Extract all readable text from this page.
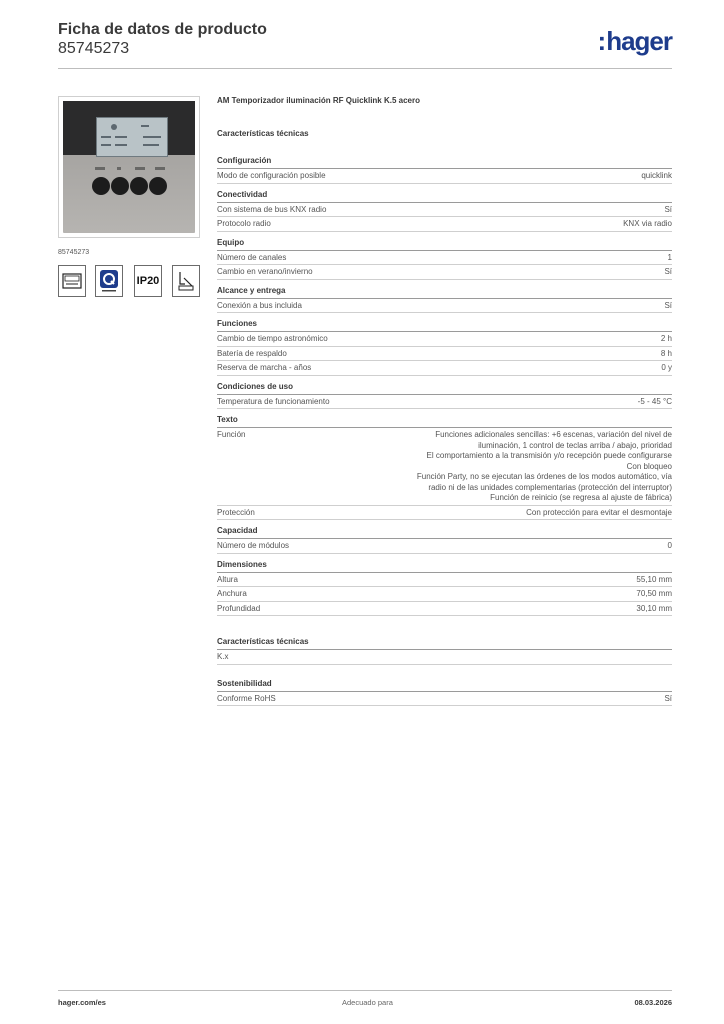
Ficha de datos de producto
85745273	:hager
85745273
IP20
AM Temporizador iluminación RF Quicklink K.5 acero
Características técnicas
Configuración
Modo de configuración posible	quicklink
Conectividad
Con sistema de bus KNX radio	Sí
Protocolo radio	KNX via radio
Equipo
Número de canales	1
Cambio en verano/invierno	Sí
Alcance y entrega
Conexión a bus incluida	Sí
Funciones
Cambio de tiempo astronómico	2 h
Batería de respaldo	8 h
Reserva de marcha - años	0 y
Condiciones de uso
Temperatura de funcionamiento	-5 - 45 °C
Texto
Función	Funciones adicionales sencillas: +6 escenas, variación del nivel de
iluminación, 1 control de teclas arriba / abajo, prioridad
El comportamiento a la transmisión y/o recepción puede configurarse
Con bloqueo
Función Party, no se ejecutan las órdenes de los modos automático, vía
radio ni de las unidades complementarias (protección del interruptor)
Función de reinicio (se regresa al ajuste de fábrica)
Protección	Con protección para evitar el desmontaje
Capacidad
Número de módulos	0
Dimensiones
Altura	55,10 mm
Anchura	70,50 mm
Profundidad	30,10 mm
Características técnicas
K.x
Sostenibilidad
Conforme RoHS	Sí
hager.com/es	Adecuado para	08.03.2026
